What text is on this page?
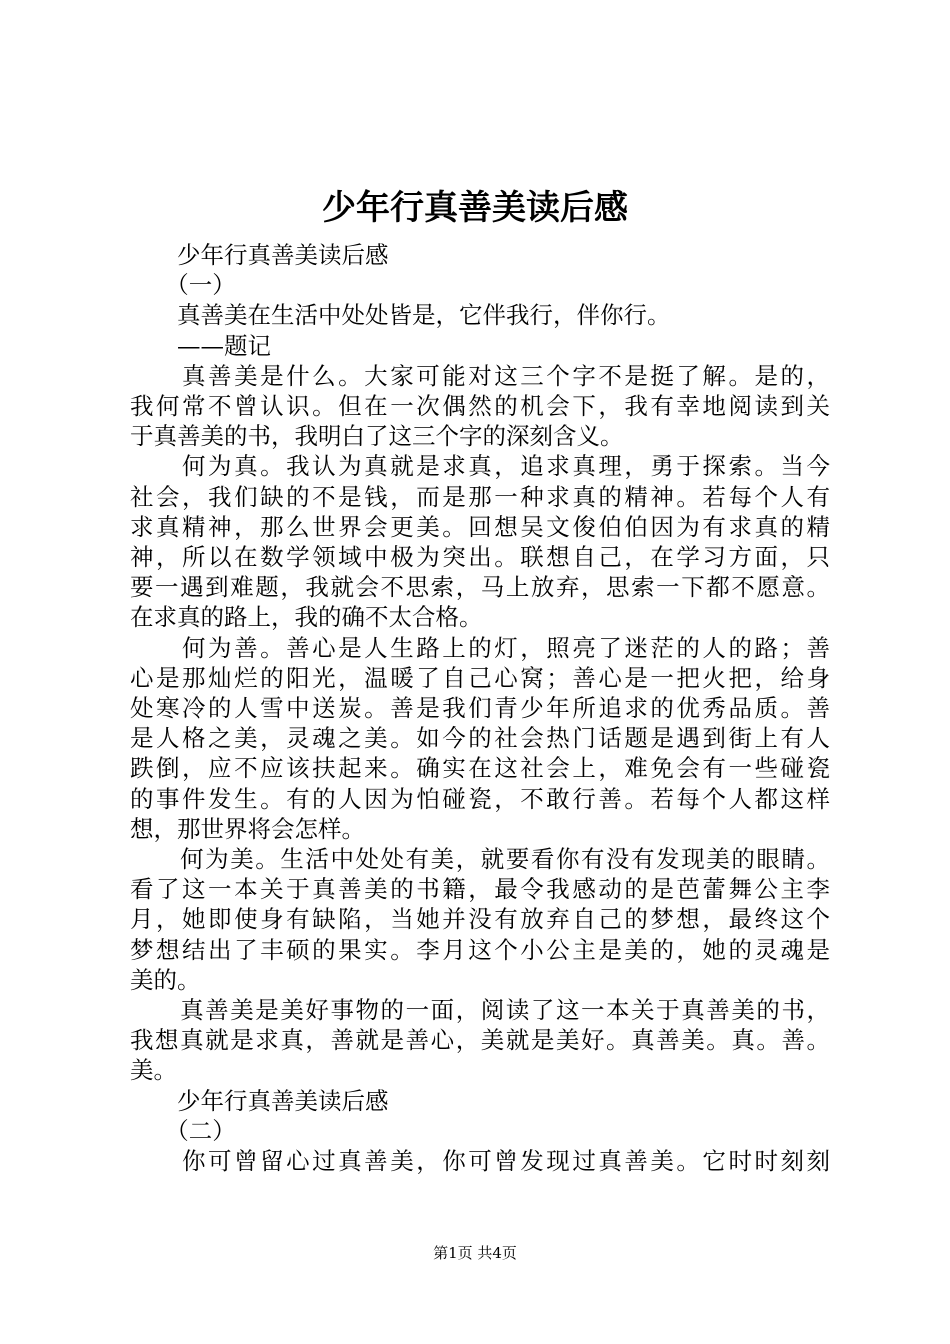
少年行真善美读后感
　　少年行真善美读后感
　　（一）
　　真善美在生活中处处皆是，它伴我行，伴你行。
　　——题记
　　真善美是什么。大家可能对这三个字不是挺了解。是的，
我何常不曾认识。但在一次偶然的机会下，我有幸地阅读到关
于真善美的书，我明白了这三个字的深刻含义。
　　何为真。我认为真就是求真，追求真理，勇于探索。当今
社会，我们缺的不是钱，而是那一种求真的精神。若每个人有
求真精神，那么世界会更美。回想吴文俊伯伯因为有求真的精
神，所以在数学领域中极为突出。联想自己，在学习方面，只
要一遇到难题，我就会不思索，马上放弃，思索一下都不愿意。
在求真的路上，我的确不太合格。
　　何为善。善心是人生路上的灯，照亮了迷茫的人的路；善
心是那灿烂的阳光，温暖了自己心窝；善心是一把火把，给身
处寒冷的人雪中送炭。善是我们青少年所追求的优秀品质。善
是人格之美，灵魂之美。如今的社会热门话题是遇到街上有人
跌倒，应不应该扶起来。确实在这社会上，难免会有一些碰瓷
的事件发生。有的人因为怕碰瓷，不敢行善。若每个人都这样
想，那世界将会怎样。
　　何为美。生活中处处有美，就要看你有没有发现美的眼睛。
看了这一本关于真善美的书籍，最令我感动的是芭蕾舞公主李
月，她即使身有缺陷，当她并没有放弃自己的梦想，最终这个
梦想结出了丰硕的果实。李月这个小公主是美的，她的灵魂是
美的。
　　真善美是美好事物的一面，阅读了这一本关于真善美的书，
我想真就是求真，善就是善心，美就是美好。真善美。真。善。
美。
　　少年行真善美读后感
　　（二）
　　你可曾留心过真善美，你可曾发现过真善美。它时时刻刻
第1页 共4页
